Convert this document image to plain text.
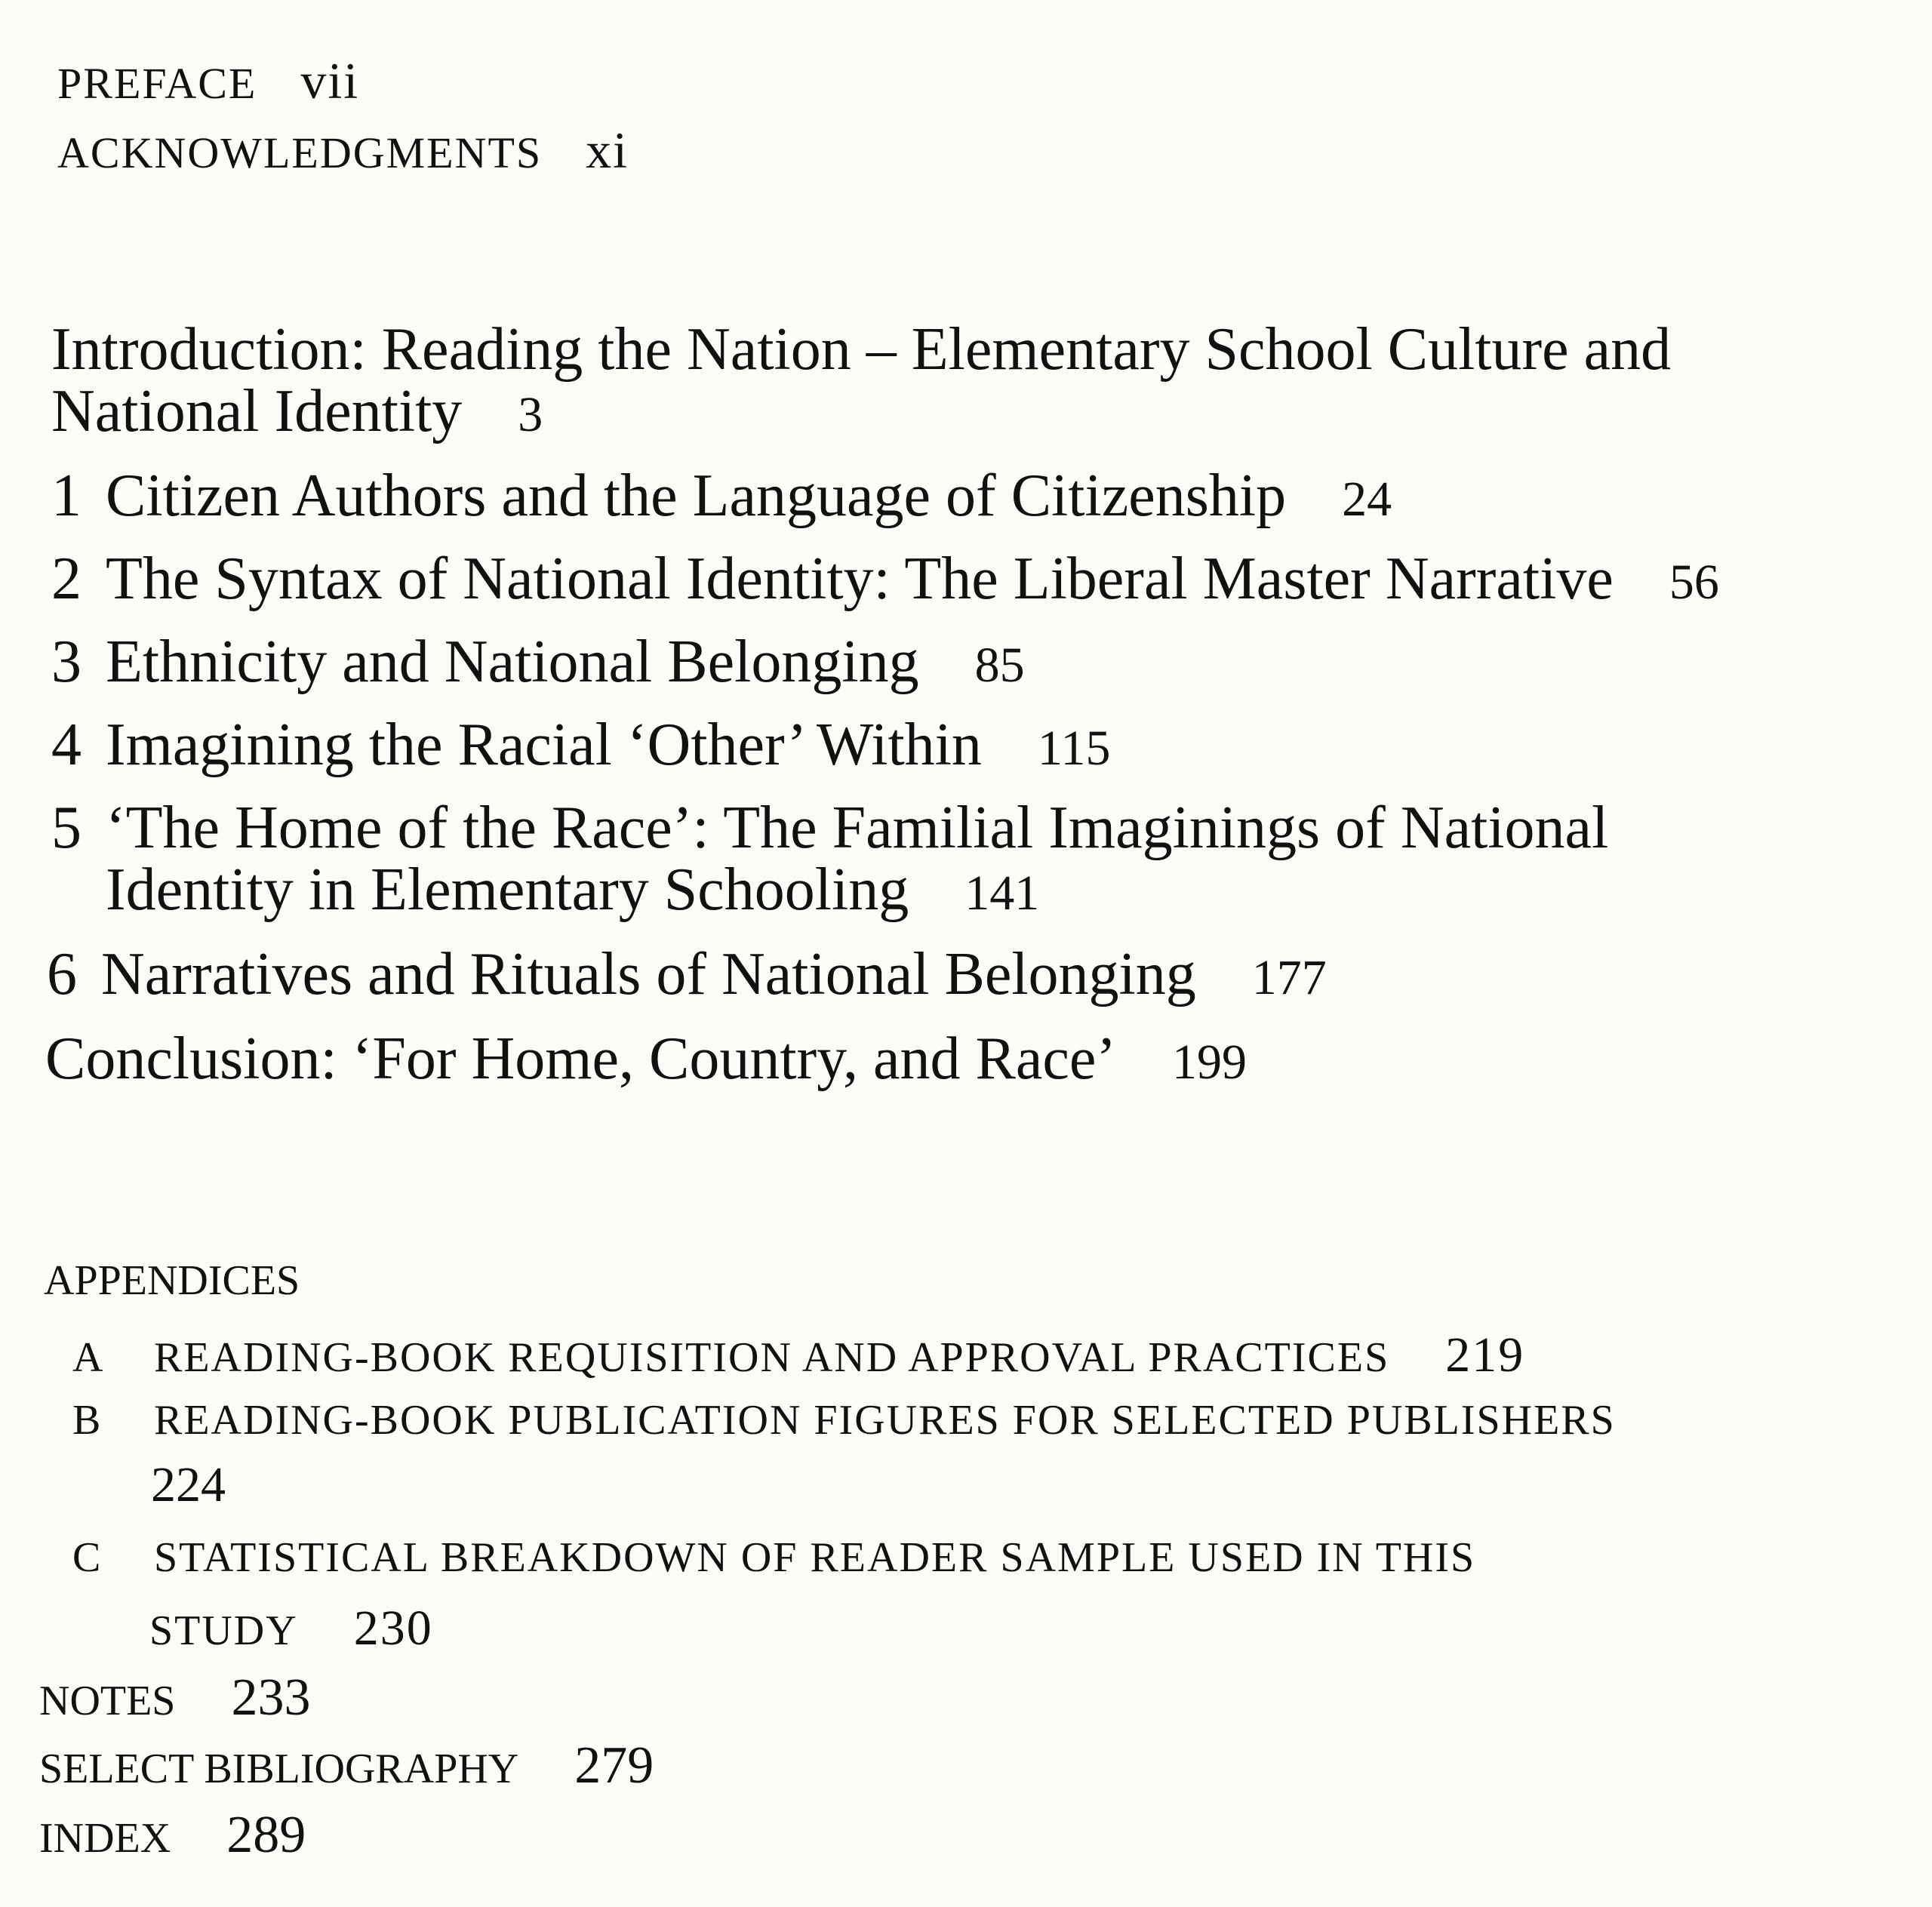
PREFACE vii
ACKNOWLEDGMENTS xi
Introduction: Reading the Nation – Elementary School Culture and
National Identity 3
1 Citizen Authors and the Language of Citizenship 24
2 The Syntax of National Identity: The Liberal Master Narrative 56
3 Ethnicity and National Belonging 85
4 Imagining the Racial ‘Other’ Within 115
5 ‘The Home of the Race’: The Familial Imaginings of National
Identity in Elementary Schooling 141
6 Narratives and Rituals of National Belonging 177
Conclusion: ‘For Home, Country, and Race’ 199
APPENDICES
A READING-BOOK REQUISITION AND APPROVAL PRACTICES 219
B READING-BOOK PUBLICATION FIGURES FOR SELECTED PUBLISHERS
224
C STATISTICAL BREAKDOWN OF READER SAMPLE USED IN THIS
STUDY 230
NOTES 233
SELECT BIBLIOGRAPHY 279
INDEX 289
